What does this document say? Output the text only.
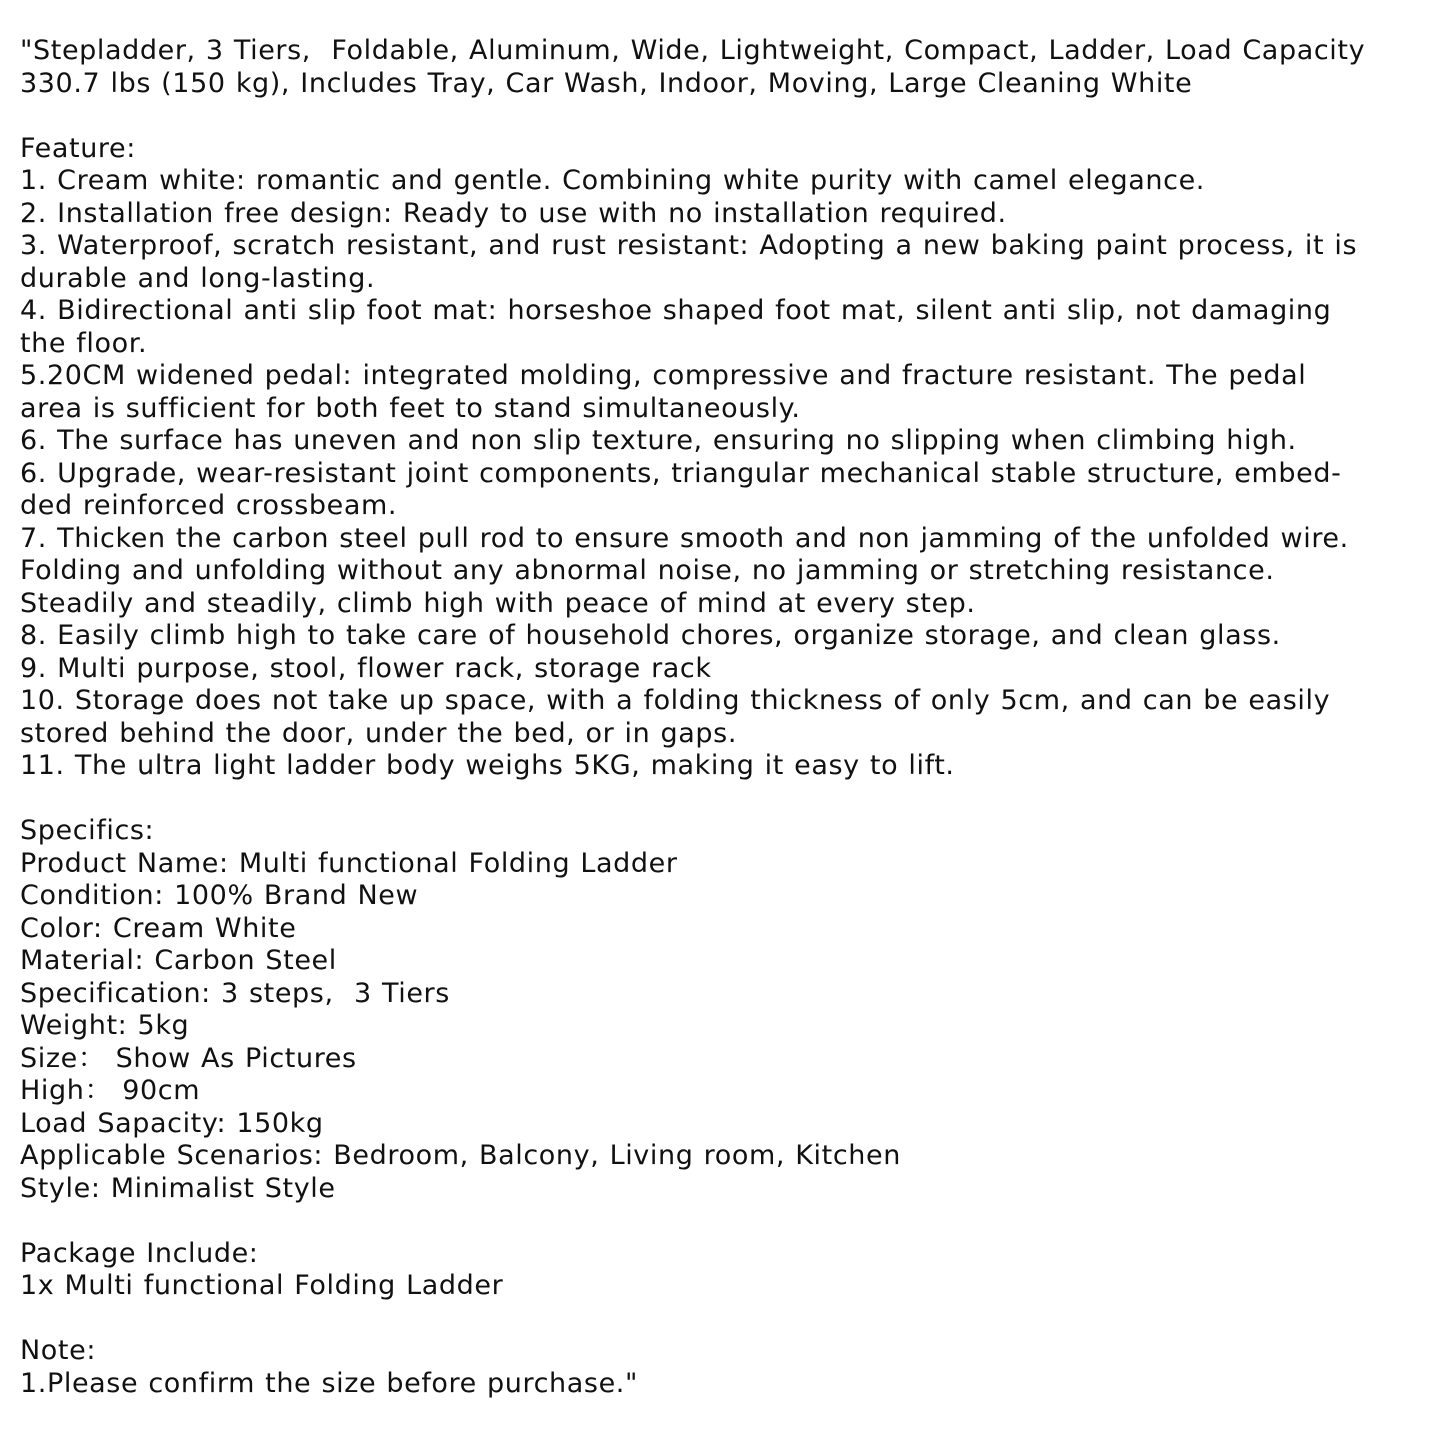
"Stepladder, 3 Tiers,  Foldable, Aluminum, Wide, Lightweight, Compact, Ladder, Load Capacity
330.7 lbs (150 kg), Includes Tray, Car Wash, Indoor, Moving, Large Cleaning White
Feature:
1. Cream white: romantic and gentle. Combining white purity with camel elegance.
2. Installation free design: Ready to use with no installation required.
3. Waterproof, scratch resistant, and rust resistant: Adopting a new baking paint process, it is
durable and long-lasting.
4. Bidirectional anti slip foot mat: horseshoe shaped foot mat, silent anti slip, not damaging
the floor.
5.20CM widened pedal: integrated molding, compressive and fracture resistant. The pedal
area is sufficient for both feet to stand simultaneously.
6. The surface has uneven and non slip texture, ensuring no slipping when climbing high.
6. Upgrade, wear-resistant joint components, triangular mechanical stable structure, embed-
ded reinforced crossbeam.
7. Thicken the carbon steel pull rod to ensure smooth and non jamming of the unfolded wire.
Folding and unfolding without any abnormal noise, no jamming or stretching resistance.
Steadily and steadily, climb high with peace of mind at every step.
8. Easily climb high to take care of household chores, organize storage, and clean glass.
9. Multi purpose, stool, flower rack, storage rack
10. Storage does not take up space, with a folding thickness of only 5cm, and can be easily
stored behind the door, under the bed, or in gaps.
11. The ultra light ladder body weighs 5KG, making it easy to lift.
Specifics:
Product Name: Multi functional Folding Ladder
Condition: 100% Brand New
Color: Cream White
Material: Carbon Steel
Specification: 3 steps,  3 Tiers
Weight: 5kg
Size： Show As Pictures
High： 90cm
Load Sapacity: 150kg
Applicable Scenarios: Bedroom, Balcony, Living room, Kitchen
Style: Minimalist Style
Package Include:
1x Multi functional Folding Ladder
Note:
1.Please confirm the size before purchase."
